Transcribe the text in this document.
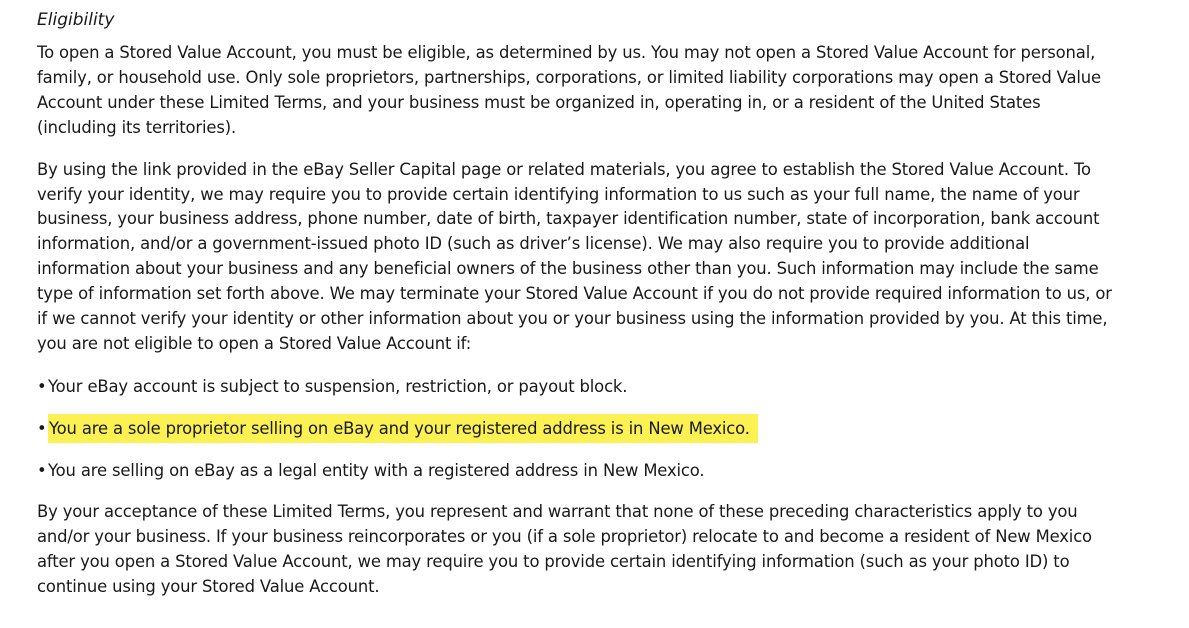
Eligibility
To open a Stored Value Account, you must be eligible, as determined by us. You may not open a Stored Value Account for personal,
family, or household use. Only sole proprietors, partnerships, corporations, or limited liability corporations may open a Stored Value
Account under these Limited Terms, and your business must be organized in, operating in, or a resident of the United States
(including its territories).
By using the link provided in the eBay Seller Capital page or related materials, you agree to establish the Stored Value Account. To
verify your identity, we may require you to provide certain identifying information to us such as your full name, the name of your
business, your business address, phone number, date of birth, taxpayer identification number, state of incorporation, bank account
information, and/or a government-issued photo ID (such as driver’s license). We may also require you to provide additional
information about your business and any beneficial owners of the business other than you. Such information may include the same
type of information set forth above. We may terminate your Stored Value Account if you do not provide required information to us, or
if we cannot verify your identity or other information about you or your business using the information provided by you. At this time,
you are not eligible to open a Stored Value Account if:
•Your eBay account is subject to suspension, restriction, or payout block.
• You are a sole proprietor selling on eBay and your registered address is in New Mexico.
•You are selling on eBay as a legal entity with a registered address in New Mexico.
By your acceptance of these Limited Terms, you represent and warrant that none of these preceding characteristics apply to you
and/or your business. If your business reincorporates or you (if a sole proprietor) relocate to and become a resident of New Mexico
after you open a Stored Value Account, we may require you to provide certain identifying information (such as your photo ID) to
continue using your Stored Value Account.
